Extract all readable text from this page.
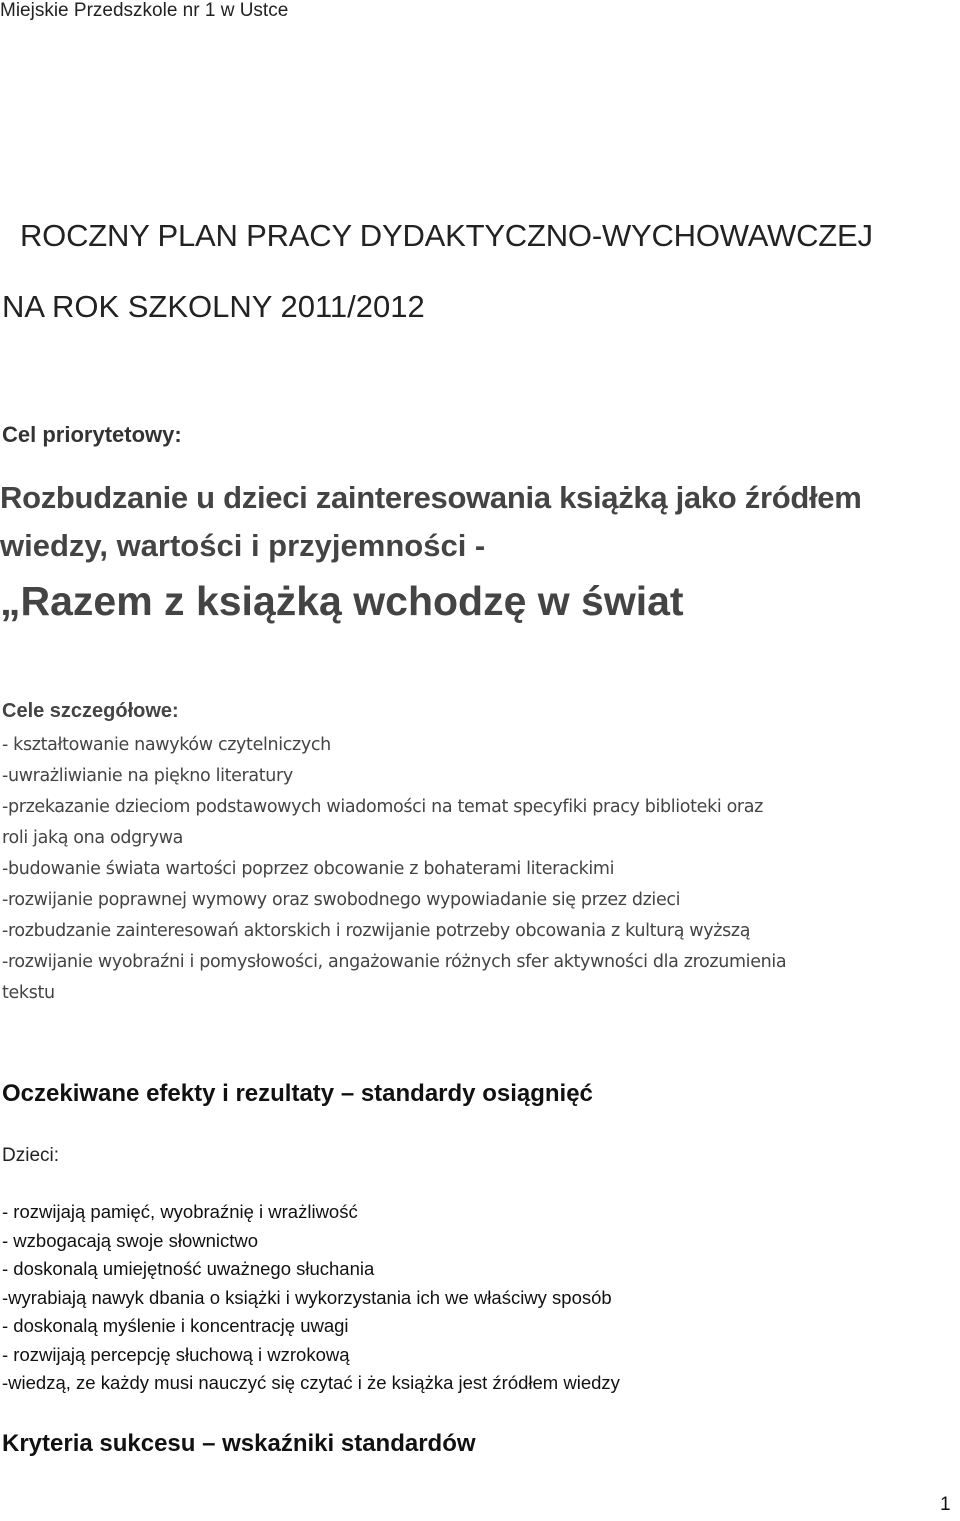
Miejskie Przedszkole nr 1 w Ustce
ROCZNY PLAN PRACY DYDAKTYCZNO-WYCHOWAWCZEJ
NA ROK SZKOLNY 2011/2012
Cel priorytetowy:
Rozbudzanie u dzieci zainteresowania książką jako źródłem
wiedzy, wartości i przyjemności -
„Razem z książką wchodzę w świat
Cele szczegółowe:
- kształtowanie nawyków czytelniczych
-uwrażliwianie na piękno literatury
-przekazanie dzieciom podstawowych wiadomości na temat specyfiki pracy biblioteki oraz
roli jaką ona odgrywa
-budowanie świata wartości poprzez obcowanie z bohaterami literackimi
-rozwijanie poprawnej wymowy oraz swobodnego wypowiadanie się przez dzieci
-rozbudzanie zainteresowań aktorskich i rozwijanie potrzeby obcowania z kulturą wyższą
-rozwijanie wyobraźni i pomysłowości, angażowanie różnych sfer aktywności dla zrozumienia
tekstu
Oczekiwane efekty i rezultaty – standardy osiągnięć
Dzieci:
- rozwijają pamięć, wyobraźnię i wrażliwość
- wzbogacają swoje słownictwo
- doskonalą umiejętność uważnego słuchania
-wyrabiają nawyk dbania o książki i wykorzystania ich we właściwy sposób
- doskonalą myślenie i koncentrację uwagi
- rozwijają percepcję słuchową i wzrokową
-wiedzą, ze każdy musi nauczyć się czytać i że książka jest źródłem wiedzy
Kryteria sukcesu – wskaźniki standardów
1
